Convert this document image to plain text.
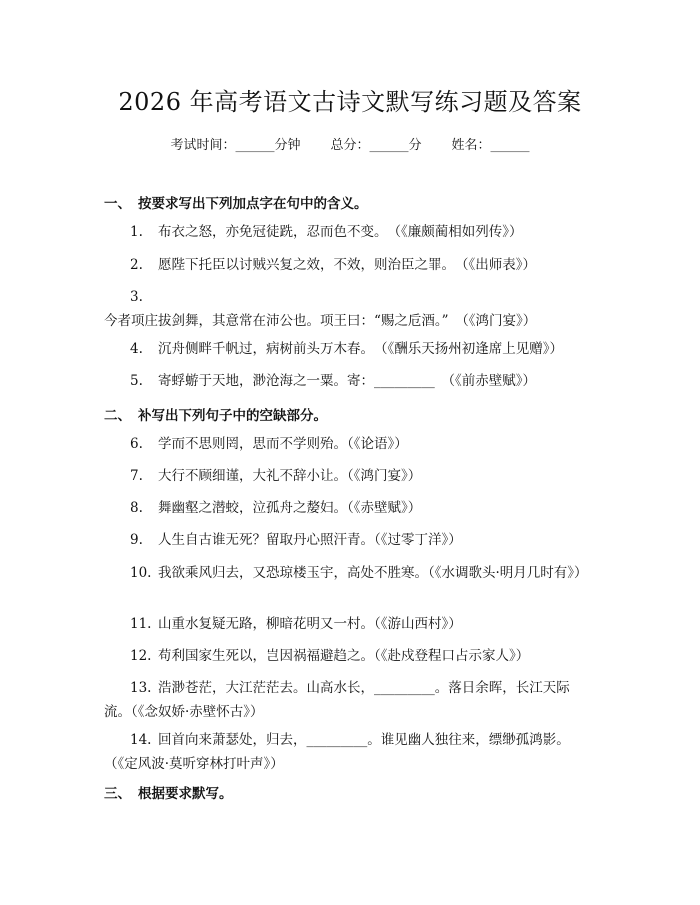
2026 年高考语文古诗文默写练习题及答案
考试时间：______分钟 总分：______分 姓名：______
一、 按要求写出下列加点字在句中的含义。
1. 布衣之怒，亦免冠徒跣，忍而色不变。　（《廉颇蔺相如列传》）
2. 愿陛下托臣以讨贼兴复之效，不效，则治臣之罪。　（《出师表》）
3.今者项庄拔剑舞，其意常在沛公也。项王曰：“赐之卮酒。”　（《鸿门宴》）
4. 沉舟侧畔千帆过，病树前头万木春。　（《酬乐天扬州初逢席上见赠》）
5. 寄蜉蝣于天地，渺沧海之一粟。寄：_________　（《前赤壁赋》）
二、 补写出下列句子中的空缺部分。
6. 学而不思则罔，思而不学则殆。（《论语》）
7. 大行不顾细谨，大礼不辞小让。（《鸿门宴》）
8. 舞幽壑之潜蛟，泣孤舟之嫠妇。（《赤壁赋》）
9. 人生自古谁无死？留取丹心照汗青。（《过零丁洋》）
10. 我欲乘风归去，又恐琼楼玉宇，高处不胜寒。（《水调歌头·明月几时有》）
11. 山重水复疑无路，柳暗花明又一村。（《游山西村》）
12. 苟利国家生死以，岂因祸福避趋之。（《赴戍登程口占示家人》）
13. 浩渺苍茫，大江茫茫去。山高水长，_________。落日余晖，长江天际流。（《念奴娇·赤壁怀古》）
14. 回首向来萧瑟处，归去，_________。谁见幽人独往来，缥缈孤鸿影。（《定风波·莫听穿林打叶声》）
三、 根据要求默写。
